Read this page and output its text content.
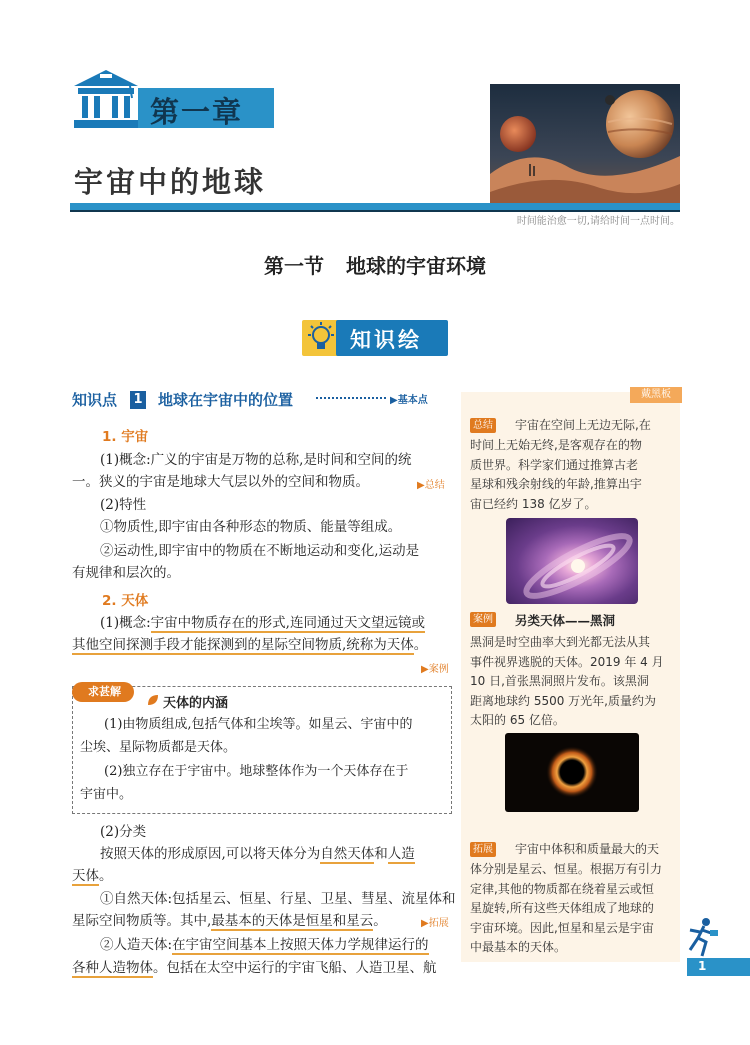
第一章
宇宙中的地球
时间能治愈一切,请给时间一点时间。
第一节 地球的宇宙环境
知识绘
知识点 1 地球在宇宙中的位置	▶基本点
1. 宇宙
(1)概念:广义的宇宙是万物的总称,是时间和空间的统
一。狭义的宇宙是地球大气层以外的空间和物质。	▶总结
(2)特性
①物质性,即宇宙由各种形态的物质、能量等组成。
②运动性,即宇宙中的物质在不断地运动和变化,运动是
有规律和层次的。
2. 天体
(1)概念:宇宙中物质存在的形式,连同通过天文望远镜或
其他空间探测手段才能探测到的星际空间物质,统称为天体。
▶案例
求甚解
天体的内涵
(1)由物质组成,包括气体和尘埃等。如星云、宇宙中的
尘埃、星际物质都是天体。
(2)独立存在于宇宙中。地球整体作为一个天体存在于
宇宙中。
(2)分类
按照天体的形成原因,可以将天体分为自然天体和人造
天体。
①自然天体:包括星云、恒星、行星、卫星、彗星、流星体和
星际空间物质等。其中,最基本的天体是恒星和星云。	▶拓展
②人造天体:在宇宙空间基本上按照天体力学规律运行的
各种人造物体。包括在太空中运行的宇宙飞船、人造卫星、航
戴黑板
总结 宇宙在空间上无边无际,在
时间上无始无终,是客观存在的物
质世界。科学家们通过推算古老
星球和残余射线的年龄,推算出宇
宙已经约 138 亿岁了。
案例 另类天体——黑洞
黑洞是时空曲率大到光都无法从其
事件视界逃脱的天体。2019 年 4 月
10 日,首张黑洞照片发布。该黑洞
距离地球约 5500 万光年,质量约为
太阳的 65 亿倍。
拓展 宇宙中体积和质量最大的天
体分别是星云、恒星。根据万有引力
定律,其他的物质都在绕着星云或恒
星旋转,所有这些天体组成了地球的
宇宙环境。因此,恒星和星云是宇宙
中最基本的天体。
1
